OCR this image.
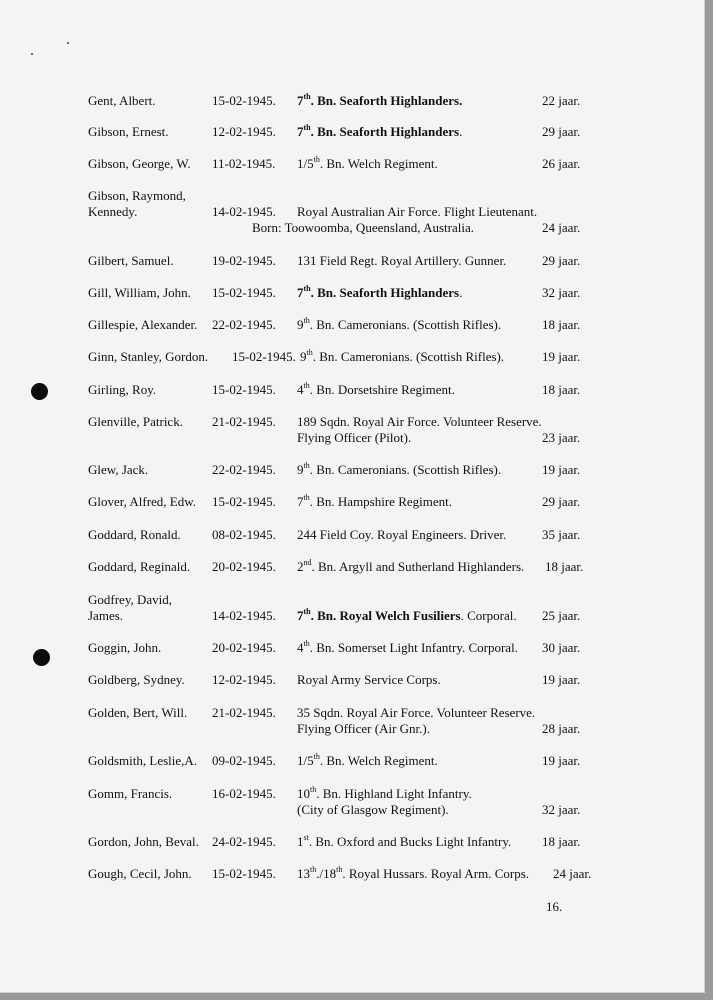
Gent, Albert.	15-02-1945. 7th. Bn. Seaforth Highlanders.	22 jaar.
Gibson, Ernest.	12-02-1945. 7th. Bn. Seaforth Highlanders.	29 jaar.
Gibson, George, W. 11-02-1945. 1/5th. Bn. Welch Regiment.	26 jaar.
Gibson, Raymond,
Kennedy.	14-02-1945. Royal Australian Air Force. Flight Lieutenant.
Born: Toowoomba, Queensland, Australia.	24 jaar.
Gilbert, Samuel.	19-02-1945. 131 Field Regt. Royal Artillery. Gunner.	29 jaar.
Gill, William, John. 15-02-1945. 7th. Bn. Seaforth Highlanders.	32 jaar.
Gillespie, Alexander. 22-02-1945. 9th. Bn. Cameronians. (Scottish Rifles).	18 jaar.
Ginn, Stanley, Gordon. 15-02-1945. 9th. Bn. Cameronians. (Scottish Rifles).	19 jaar.
Girling, Roy.	15-02-1945. 4th. Bn. Dorsetshire Regiment.	18 jaar.
Glenville, Patrick. 21-02-1945. 189 Sqdn. Royal Air Force. Volunteer Reserve.
Flying Officer (Pilot).	23 jaar.
Glew, Jack.	22-02-1945. 9th. Bn. Cameronians. (Scottish Rifles).	19 jaar.
Glover, Alfred, Edw. 15-02-1945. 7th. Bn. Hampshire Regiment.	29 jaar.
Goddard, Ronald. 08-02-1945. 244 Field Coy. Royal Engineers. Driver.	35 jaar.
Goddard, Reginald. 20-02-1945. 2nd. Bn. Argyll and Sutherland Highlanders. 18 jaar.
Godfrey, David,
James.	14-02-1945. 7th. Bn. Royal Welch Fusiliers. Corporal. 25 jaar.
Goggin, John.	20-02-1945. 4th. Bn. Somerset Light Infantry. Corporal. 30 jaar.
Goldberg, Sydney. 12-02-1945. Royal Army Service Corps.	19 jaar.
Golden, Bert, Will. 21-02-1945. 35 Sqdn. Royal Air Force. Volunteer Reserve.
Flying Officer (Air Gnr.).	28 jaar.
Goldsmith, Leslie,A. 09-02-1945. 1/5th. Bn. Welch Regiment.	19 jaar.
Gomm, Francis.	16-02-1945. 10th. Bn. Highland Light Infantry.
(City of Glasgow Regiment).	32 jaar.
Gordon, John, Beval. 24-02-1945. 1st. Bn. Oxford and Bucks Light Infantry. 18 jaar.
Gough, Cecil, John. 15-02-1945. 13th./18th. Royal Hussars. Royal Arm. Corps. 24 jaar.
16.
